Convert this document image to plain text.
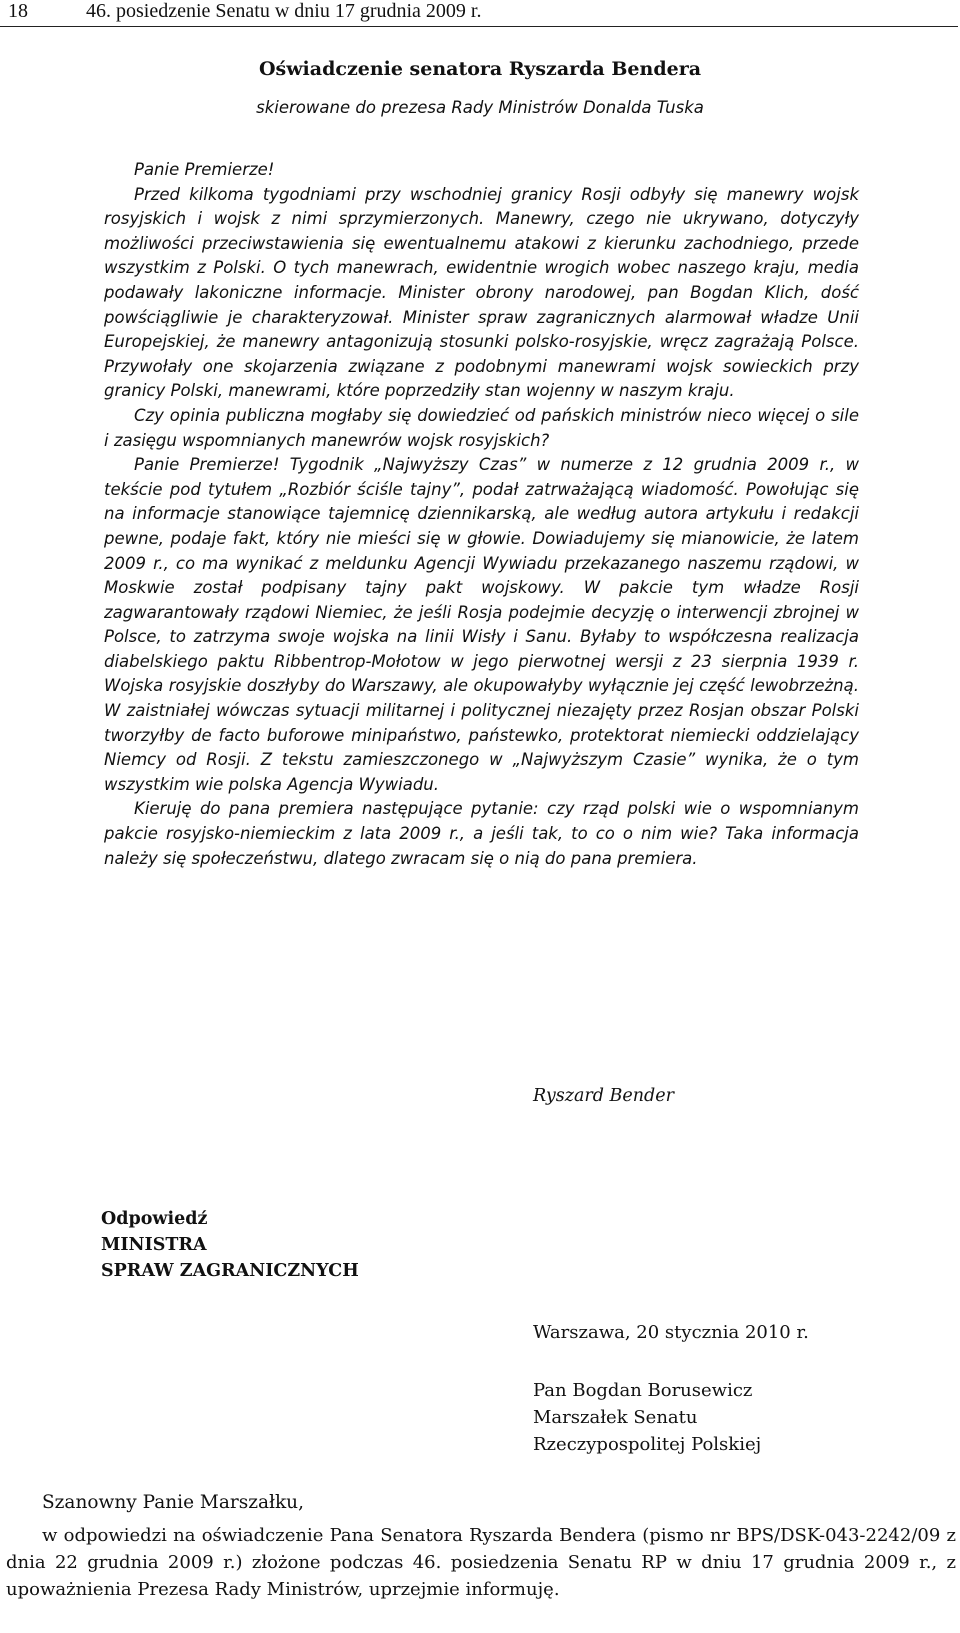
18	46. posiedzenie Senatu w dniu 17 grudnia 2009 r.
Oświadczenie senatora Ryszarda Bendera
skierowane do prezesa Rady Ministrów Donalda Tuska

Panie Premierze!

Przed kilkoma tygodniami przy wschodniej granicy Rosji odbyły się manewry wojsk rosyjskich i wojsk z nimi sprzymierzonych. Manewry, czego nie ukrywano, dotyczyły możliwości przeciwstawienia się ewentualnemu atakowi z kierunku zachodniego, przede wszystkim z Polski. O tych manewrach, ewidentnie wrogich wobec naszego kraju, media podawały lakoniczne informacje. Minister obrony narodowej, pan Bogdan Klich, dość powściągliwie je charakteryzował. Minister spraw zagranicznych alarmował władze Unii Europejskiej, że manewry antagonizują stosunki polsko-rosyjskie, wręcz zagrażają Polsce. Przywołały one skojarzenia związane z podobnymi manewrami wojsk sowieckich przy granicy Polski, manewrami, które poprzedziły stan wojenny w naszym kraju.

Czy opinia publiczna mogłaby się dowiedzieć od pańskich ministrów nieco więcej o sile i zasięgu wspomnianych manewrów wojsk rosyjskich?

Panie Premierze! Tygodnik „Najwyższy Czas” w numerze z 12 grudnia 2009 r., w tekście pod tytułem „Rozbiór ściśle tajny”, podał zatrważającą wiadomość. Powołując się na informacje stanowiące tajemnicę dziennikarską, ale według autora artykułu i redakcji pewne, podaje fakt, który nie mieści się w głowie. Dowiadujemy się mianowicie, że latem 2009 r., co ma wynikać z meldunku Agencji Wywiadu przekazanego naszemu rządowi, w Moskwie został podpisany tajny pakt wojskowy. W pakcie tym władze Rosji zagwarantowały rządowi Niemiec, że jeśli Rosja podejmie decyzję o interwencji zbrojnej w Polsce, to zatrzyma swoje wojska na linii Wisły i Sanu. Byłaby to współczesna realizacja diabelskiego paktu Ribbentrop-Mołotow w jego pierwotnej wersji z 23 sierpnia 1939 r. Wojska rosyjskie doszłyby do Warszawy, ale okupowałyby wyłącznie jej część lewobrzeżną. W zaistniałej wówczas sytuacji militarnej i politycznej niezajęty przez Rosjan obszar Polski tworzyłby de facto buforowe minipaństwo, państewko, protektorat niemiecki oddzielający Niemcy od Rosji. Z tekstu zamieszczonego w „Najwyższym Czasie” wynika, że o tym wszystkim wie polska Agencja Wywiadu.

Kieruję do pana premiera następujące pytanie: czy rząd polski wie o wspomnianym pakcie rosyjsko-niemieckim z lata 2009 r., a jeśli tak, to co o nim wie? Taka informacja należy się społeczeństwu, dlatego zwracam się o nią do pana premiera.

Ryszard Bender
Odpowiedź
MINISTRA
SPRAW ZAGRANICZNYCH
Warszawa, 20 stycznia 2010 r.
Pan Bogdan Borusewicz
Marszałek Senatu
Rzeczypospolitej Polskiej
Szanowny Panie Marszałku,

w odpowiedzi na oświadczenie Pana Senatora Ryszarda Bendera (pismo nr BPS/DSK-043-2242/09 z dnia 22 grudnia 2009 r.) złożone podczas 46. posiedzenia Senatu RP w dniu 17 grudnia 2009 r., z upoważnienia Prezesa Rady Ministrów, uprzejmie informuję.
